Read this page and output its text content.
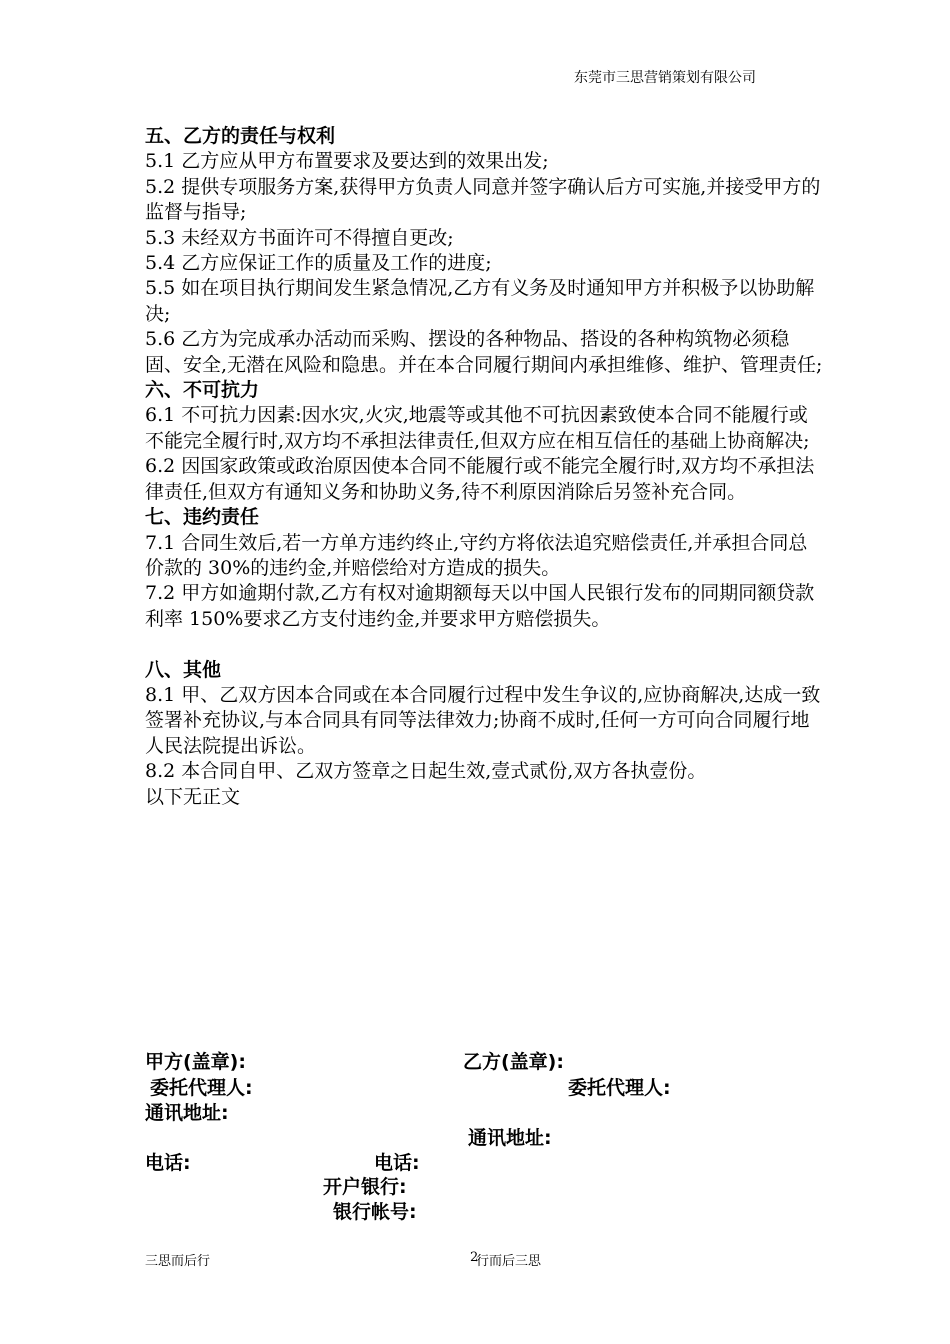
东莞市三思营销策划有限公司

五、乙方的责任与权利

5.1 乙方应从甲方布置要求及要达到的效果出发;

5.2 提供专项服务方案,获得甲方负责人同意并签字确认后方可实施,并接受甲方的监督与指导;

5.3 未经双方书面许可不得擅自更改;

5.4 乙方应保证工作的质量及工作的进度;

5.5 如在项目执行期间发生紧急情况,乙方有义务及时通知甲方并积极予以协助解决;

5.6 乙方为完成承办活动而采购、摆设的各种物品、搭设的各种构筑物必须稳固、安全,无潜在风险和隐患。并在本合同履行期间内承担维修、维护、管理责任;

六、不可抗力

6.1 不可抗力因素:因水灾,火灾,地震等或其他不可抗因素致使本合同不能履行或不能完全履行时,双方均不承担法律责任,但双方应在相互信任的基础上协商解决;

6.2 因国家政策或政治原因使本合同不能履行或不能完全履行时,双方均不承担法律责任,但双方有通知义务和协助义务,待不利原因消除后另签补充合同。

七、违约责任

7.1 合同生效后,若一方单方违约终止,守约方将依法追究赔偿责任,并承担合同总价款的 30%的违约金,并赔偿给对方造成的损失。

7.2 甲方如逾期付款,乙方有权对逾期额每天以中国人民银行发布的同期同额贷款利率 150%要求乙方支付违约金,并要求甲方赔偿损失。

八、其他

8.1 甲、乙双方因本合同或在本合同履行过程中发生争议的,应协商解决,达成一致签署补充协议,与本合同具有同等法律效力;协商不成时,任何一方可向合同履行地人民法院提出诉讼。

8.2 本合同自甲、乙双方签章之日起生效,壹式贰份,双方各执壹份。

以下无正文

甲方(盖章):	乙方(盖章):
委托代理人:	委托代理人:
通讯地址:
通讯地址:
电话:	电话:
开户银行:
银行帐号:
三思而后行	2
行而后三思
